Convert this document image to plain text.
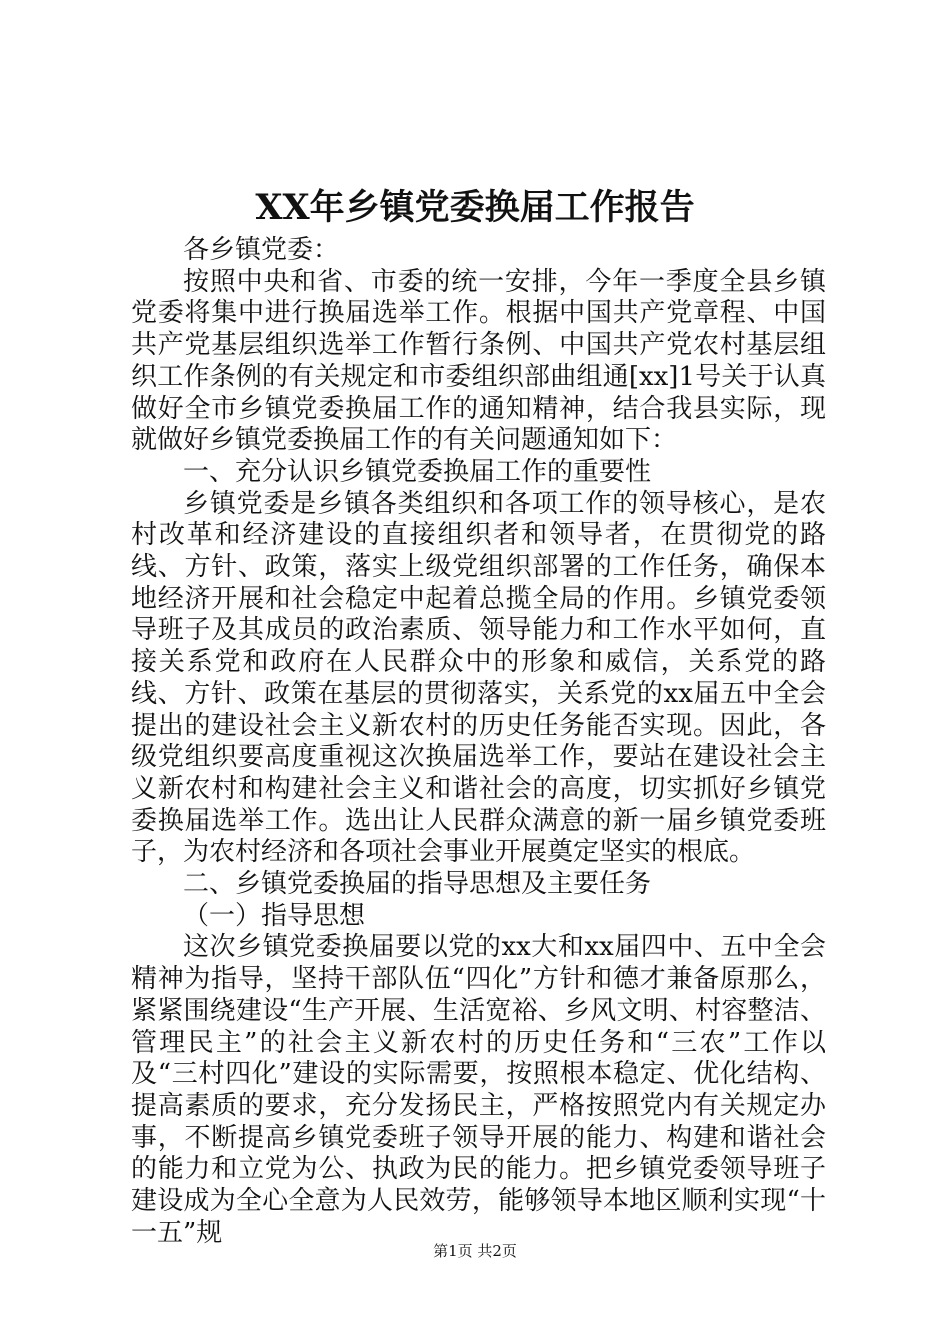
XX年乡镇党委换届工作报告

各乡镇党委：

按照中央和省、市委的统一安排，今年一季度全县乡镇党委将集中进行换届选举工作。根据中国共产党章程、中国共产党基层组织选举工作暂行条例、中国共产党农村基层组织工作条例的有关规定和市委组织部曲组通[xx]1号关于认真做好全市乡镇党委换届工作的通知精神，结合我县实际，现就做好乡镇党委换届工作的有关问题通知如下：

一、充分认识乡镇党委换届工作的重要性

乡镇党委是乡镇各类组织和各项工作的领导核心，是农村改革和经济建设的直接组织者和领导者，在贯彻党的路线、方针、政策，落实上级党组织部署的工作任务，确保本地经济开展和社会稳定中起着总揽全局的作用。乡镇党委领导班子及其成员的政治素质、领导能力和工作水平如何，直接关系党和政府在人民群众中的形象和威信，关系党的路线、方针、政策在基层的贯彻落实，关系党的xx届五中全会提出的建设社会主义新农村的历史任务能否实现。因此，各级党组织要高度重视这次换届选举工作，要站在建设社会主义新农村和构建社会主义和谐社会的高度，切实抓好乡镇党委换届选举工作。选出让人民群众满意的新一届乡镇党委班子，为农村经济和各项社会事业开展奠定坚实的根底。

二、乡镇党委换届的指导思想及主要任务

（一）指导思想

这次乡镇党委换届要以党的xx大和xx届四中、五中全会精神为指导，坚持干部队伍“四化”方针和德才兼备原那么，紧紧围绕建设“生产开展、生活宽裕、乡风文明、村容整洁、管理民主”的社会主义新农村的历史任务和“三农”工作以及“三村四化”建设的实际需要，按照根本稳定、优化结构、提高素质的要求，充分发扬民主，严格按照党内有关规定办事，不断提高乡镇党委班子领导开展的能力、构建和谐社会的能力和立党为公、执政为民的能力。把乡镇党委领导班子建设成为全心全意为人民效劳，能够领导本地区顺利实现“十一五”规

第1页 共2页
